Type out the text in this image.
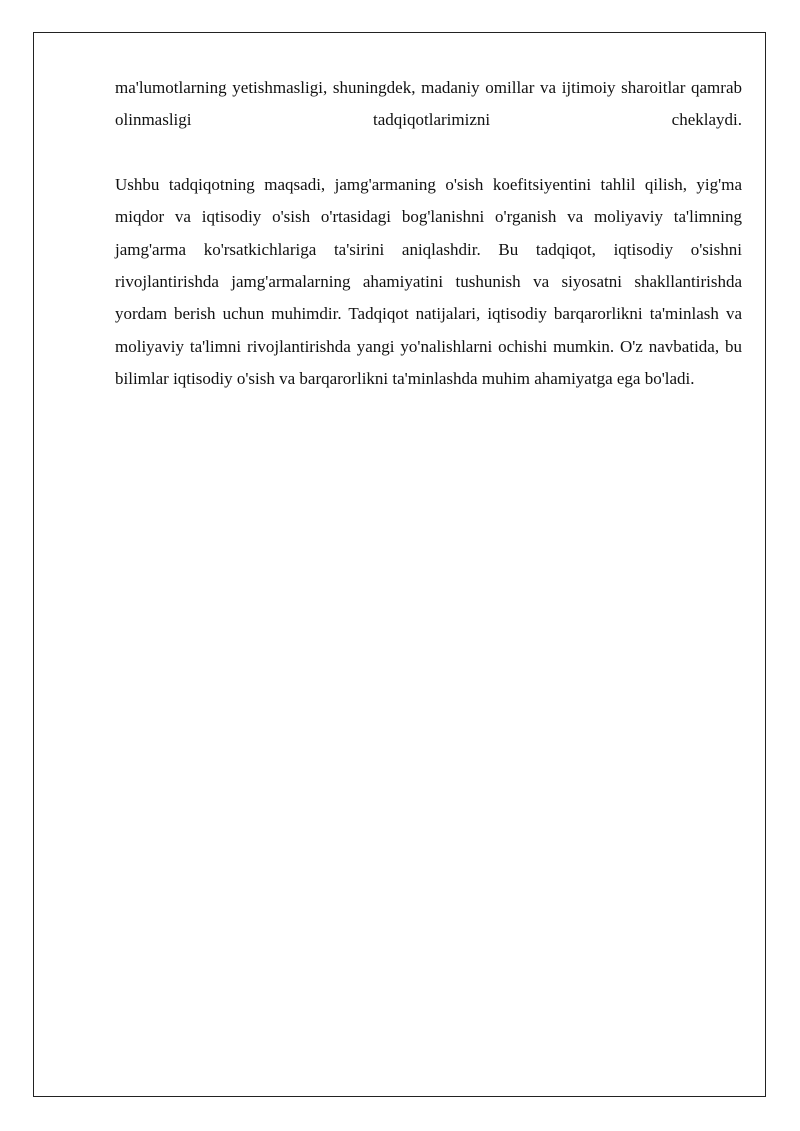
ma'lumotlarning yetishmasligi, shuningdek, madaniy omillar va ijtimoiy sharoitlar qamrab olinmasligi tadqiqotlarimizni cheklaydi.

Ushbu tadqiqotning maqsadi, jamg'armaning o'sish koefitsiyentini tahlil qilish, yig'ma miqdor va iqtisodiy o'sish o'rtasidagi bog'lanishni o'rganish va moliyaviy ta'limning jamg'arma ko'rsatkichlariga ta'sirini aniqlashdir. Bu tadqiqot, iqtisodiy o'sishni rivojlantirishda jamg'armalarning ahamiyatini tushunish va siyosatni shakllantirishda yordam berish uchun muhimdir. Tadqiqot natijalari, iqtisodiy barqarorlikni ta'minlash va moliyaviy ta'limni rivojlantirishda yangi yo'nalishlarni ochishi mumkin. O'z navbatida, bu bilimlar iqtisodiy o'sish va barqarorlikni ta'minlashda muhim ahamiyatga ega bo'ladi.
